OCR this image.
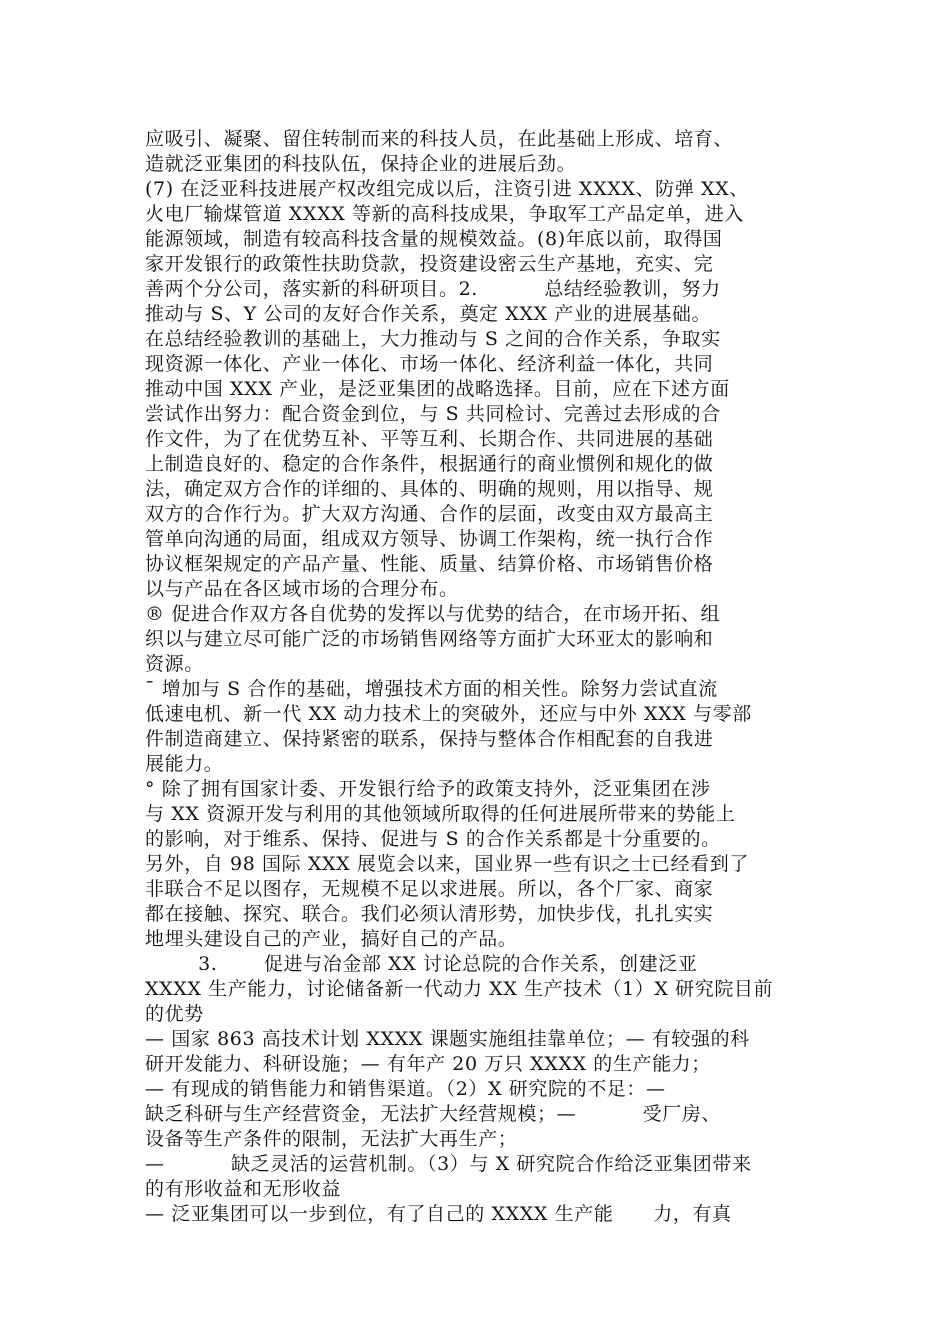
应吸引、凝聚、留住转制而来的科技人员，在此基础上形成、培育、
造就泛亚集团的科技队伍，保持企业的进展后劲。
(7) 在泛亚科技进展产权改组完成以后，注资引进 XXXX、防弹 XX、
火电厂输煤管道 XXXX 等新的高科技成果，争取军工产品定单，进入
能源领域，制造有较高科技含量的规模效益。(8)年底以前，取得国
家开发银行的政策性扶助贷款，投资建设密云生产基地，充实、完
善两个分公司，落实新的科研项目。2.          总结经验教训，努力
推动与 S、Y 公司的友好合作关系，奠定 XXX 产业的进展基础。
在总结经验教训的基础上，大力推动与 S 之间的合作关系，争取实
现资源一体化、产业一体化、市场一体化、经济利益一体化，共同
推动中国 XXX 产业，是泛亚集团的战略选择。目前，应在下述方面
尝试作出努力：配合资金到位，与 S 共同检讨、完善过去形成的合
作文件，为了在优势互补、平等互利、长期合作、共同进展的基础
上制造良好的、稳定的合作条件，根据通行的商业惯例和规化的做
法，确定双方合作的详细的、具体的、明确的规则，用以指导、规
双方的合作行为。扩大双方沟通、合作的层面，改变由双方最高主
管单向沟通的局面，组成双方领导、协调工作架构，统一执行合作
协议框架规定的产品产量、性能、质量、结算价格、市场销售价格
以与产品在各区域市场的合理分布。
® 促进合作双方各自优势的发挥以与优势的结合，在市场开拓、组
织以与建立尽可能广泛的市场销售网络等方面扩大环亚太的影响和
资源。
¯ 增加与 S 合作的基础，增强技术方面的相关性。除努力尝试直流
低速电机、新一代 XX 动力技术上的突破外，还应与中外 XXX 与零部
件制造商建立、保持紧密的联系，保持与整体合作相配套的自我进
展能力。
° 除了拥有国家计委、开发银行给予的政策支持外，泛亚集团在涉
与 XX 资源开发与利用的其他领域所取得的任何进展所带来的势能上
的影响，对于维系、保持、促进与 S 的合作关系都是十分重要的。
另外，自 98 国际 XXX 展览会以来，国业界一些有识之士已经看到了
非联合不足以图存，无规模不足以求进展。所以，各个厂家、商家
都在接触、探究、联合。我们必须认清形势，加快步伐，扎扎实实
地埋头建设自己的产业，搞好自己的产品。
3.       促进与冶金部 XX 讨论总院的合作关系，创建泛亚
XXXX 生产能力，讨论储备新一代动力 XX 生产技术（1）X 研究院目前
的优势
— 国家 863 高技术计划 XXXX 课题实施组挂靠单位；— 有较强的科
研开发能力、科研设施；— 有年产 20 万只 XXXX 的生产能力；
— 有现成的销售能力和销售渠道。（2）X 研究院的不足：—
缺乏科研与生产经营资金，无法扩大经营规模；—          受厂房、
设备等生产条件的限制，无法扩大再生产；
—          缺乏灵活的运营机制。（3）与 X 研究院合作给泛亚集团带来
的有形收益和无形收益
— 泛亚集团可以一步到位，有了自己的 XXXX 生产能      力，有真
